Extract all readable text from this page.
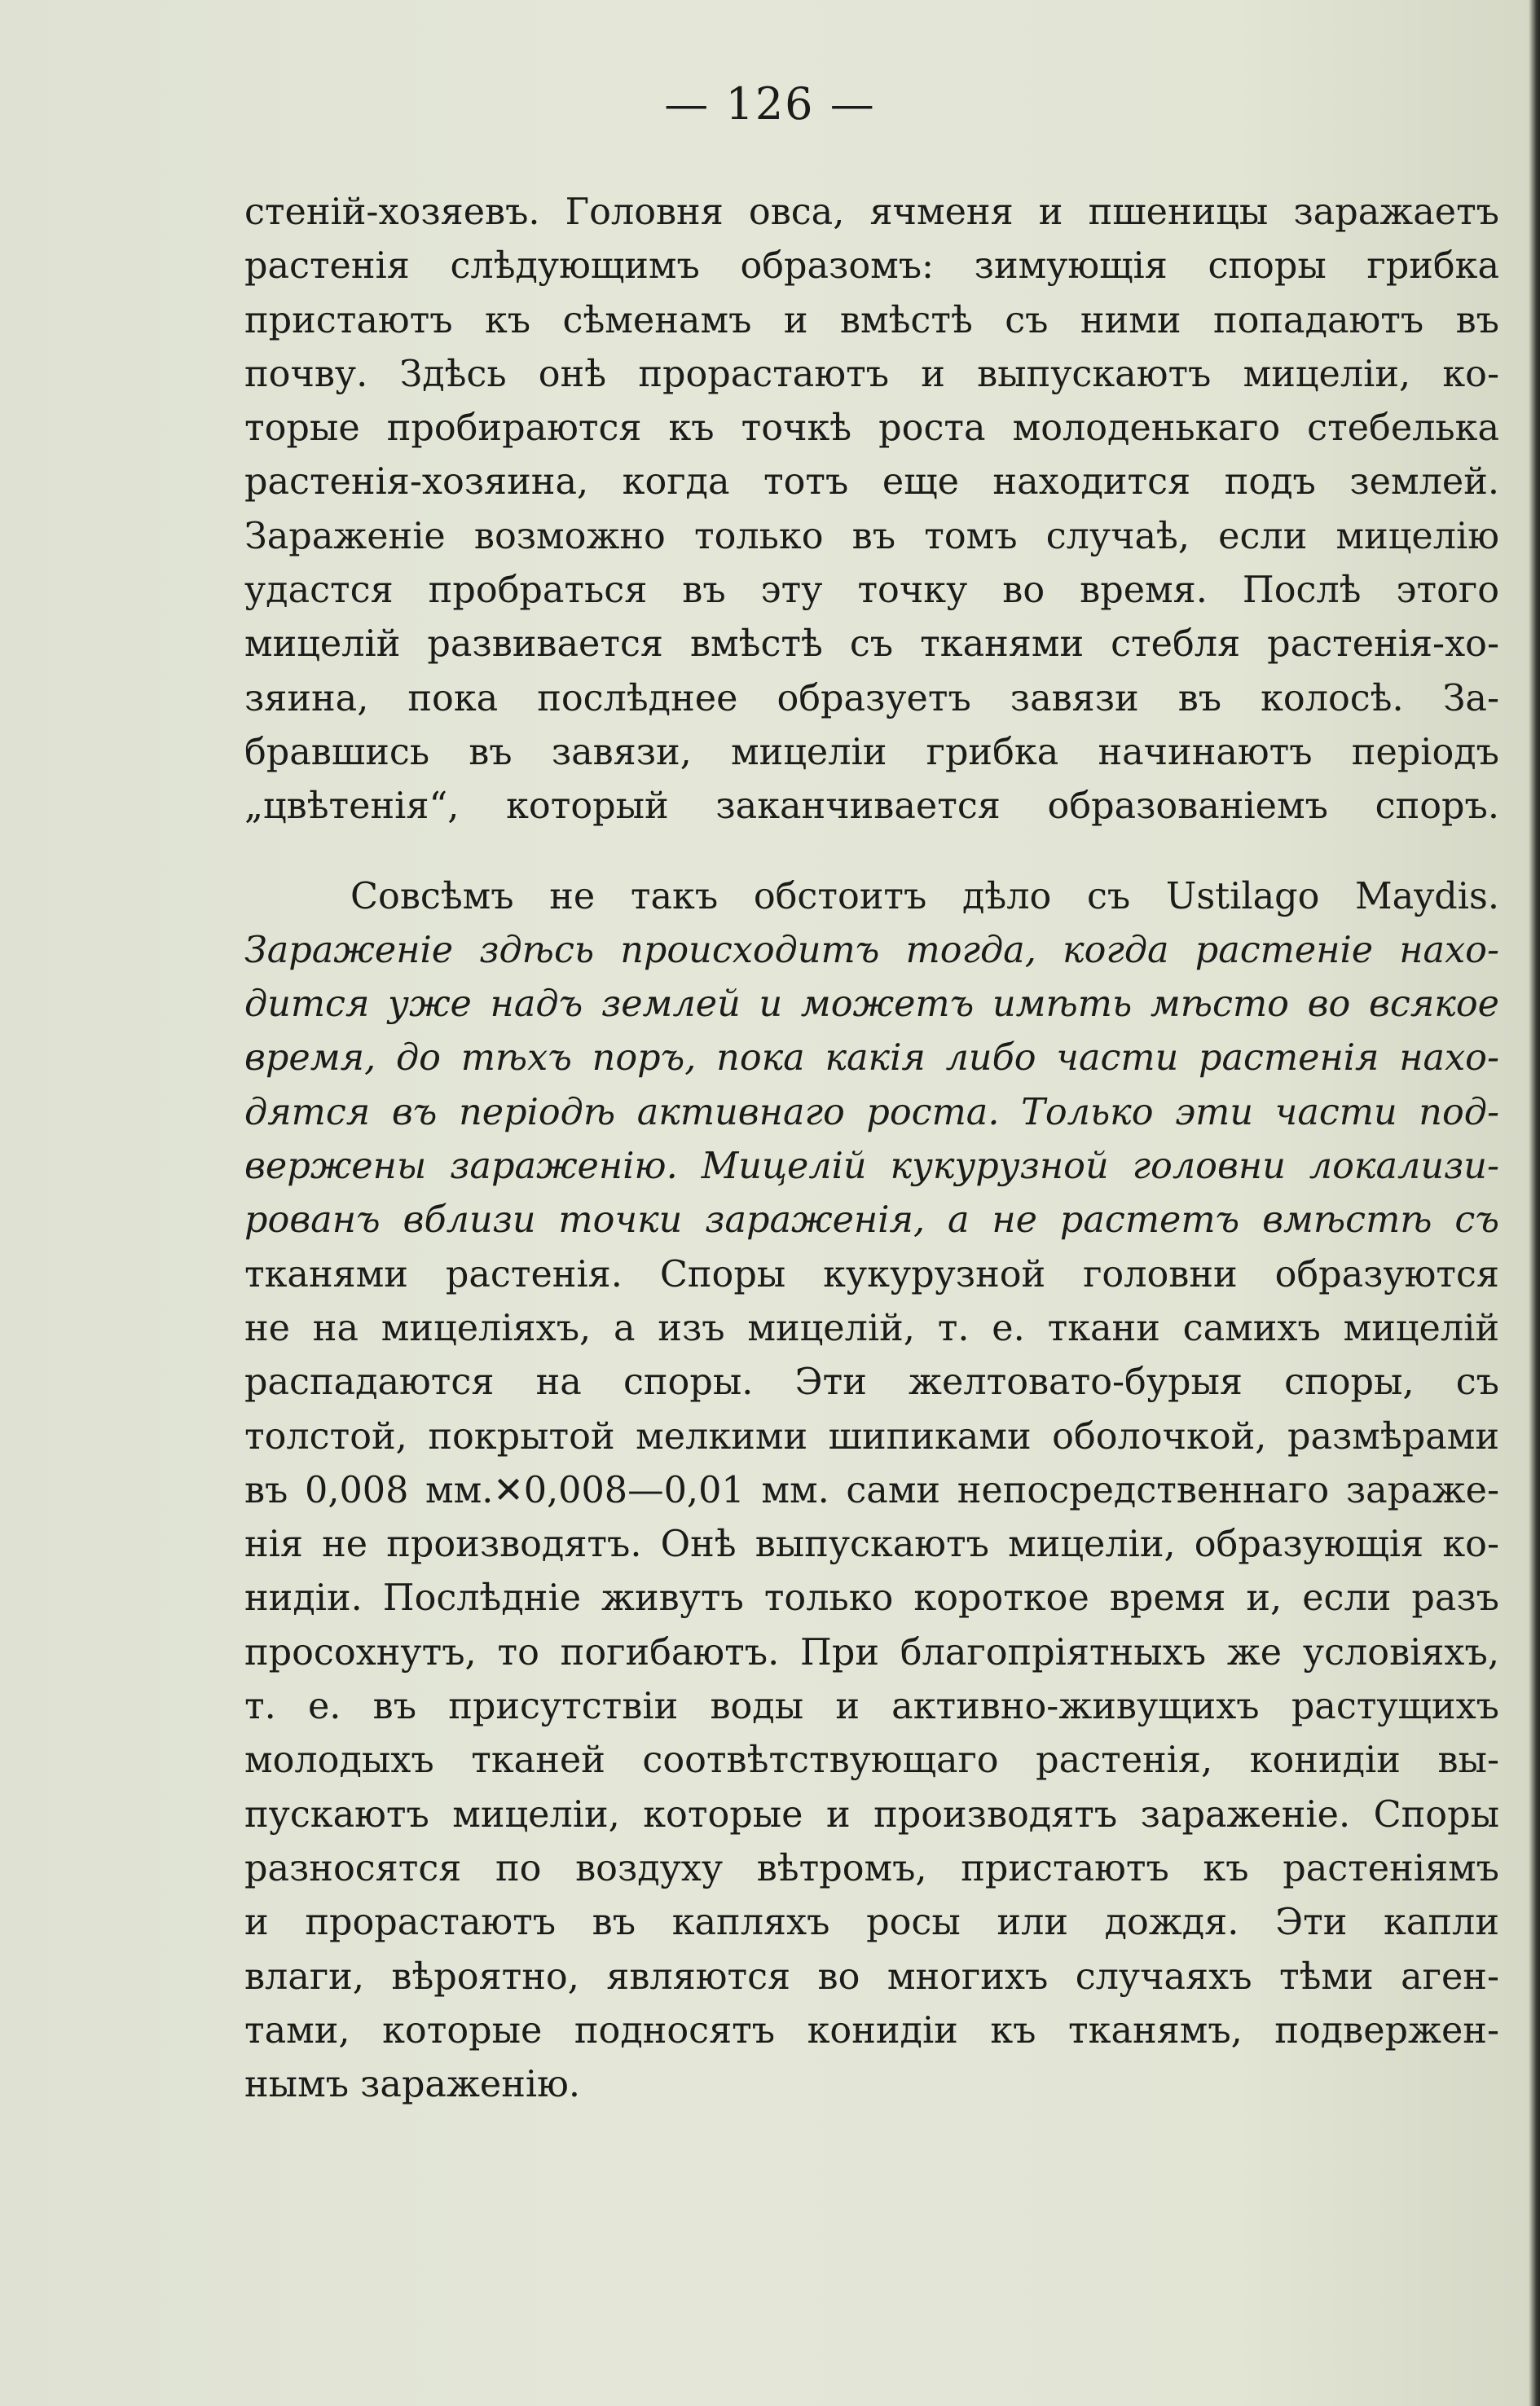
— 126 —
стеній-хозяевъ. Головня овса, ячменя и пшеницы заражаетъ
растенія слѣдующимъ образомъ: зимующія споры грибка
пристаютъ къ сѣменамъ и вмѣстѣ съ ними попадаютъ въ
почву. Здѣсь онѣ прорастаютъ и выпускаютъ мицеліи, ко-
торые пробираются къ точкѣ роста молоденькаго стебелька
растенія-хозяина, когда тотъ еще находится подъ землей.
Зараженіе возможно только въ томъ случаѣ, если мицелію
удастся пробраться въ эту точку во время. Послѣ этого
мицелій развивается вмѣстѣ съ тканями стебля растенія-хо-
зяина, пока послѣднее образуетъ завязи въ колосѣ. За-
бравшись въ завязи, мицеліи грибка начинаютъ періодъ
„цвѣтенія“, который заканчивается образованіемъ споръ.
Совсѣмъ не такъ обстоитъ дѣло съ Ustilago Maydis.
Зараженіе здѣсь происходитъ тогда, когда растеніе нахо-
дится уже надъ землей и можетъ имѣть мѣсто во всякое
время, до тѣхъ поръ, пока какія либо части растенія нахо-
дятся въ періодѣ активнаго роста. Только эти части под-
вержены зараженію. Мицелій кукурузной головни локализи-
рованъ вблизи точки зараженія, а не растетъ вмѣстѣ съ
тканями растенія. Споры кукурузной головни образуются
не на мицеліяхъ, а изъ мицелій, т. е. ткани самихъ мицелій
распадаются на споры. Эти желтовато-бурыя споры, съ
толстой, покрытой мелкими шипиками оболочкой, размѣрами
въ 0,008 мм.✕0,008—0,01 мм. сами непосредственнаго зараже-
нія не производятъ. Онѣ выпускаютъ мицеліи, образующія ко-
нидіи. Послѣдніе живутъ только короткое время и, если разъ
просохнутъ, то погибаютъ. При благопріятныхъ же условіяхъ,
т. е. въ присутствіи воды и активно-живущихъ растущихъ
молодыхъ тканей соотвѣтствующаго растенія, конидіи вы-
пускаютъ мицеліи, которые и производятъ зараженіе. Споры
разносятся по воздуху вѣтромъ, пристаютъ къ растеніямъ
и прорастаютъ въ капляхъ росы или дождя. Эти капли
влаги, вѣроятно, являются во многихъ случаяхъ тѣми аген-
тами, которые подносятъ конидіи къ тканямъ, подвержен-
нымъ зараженію.
